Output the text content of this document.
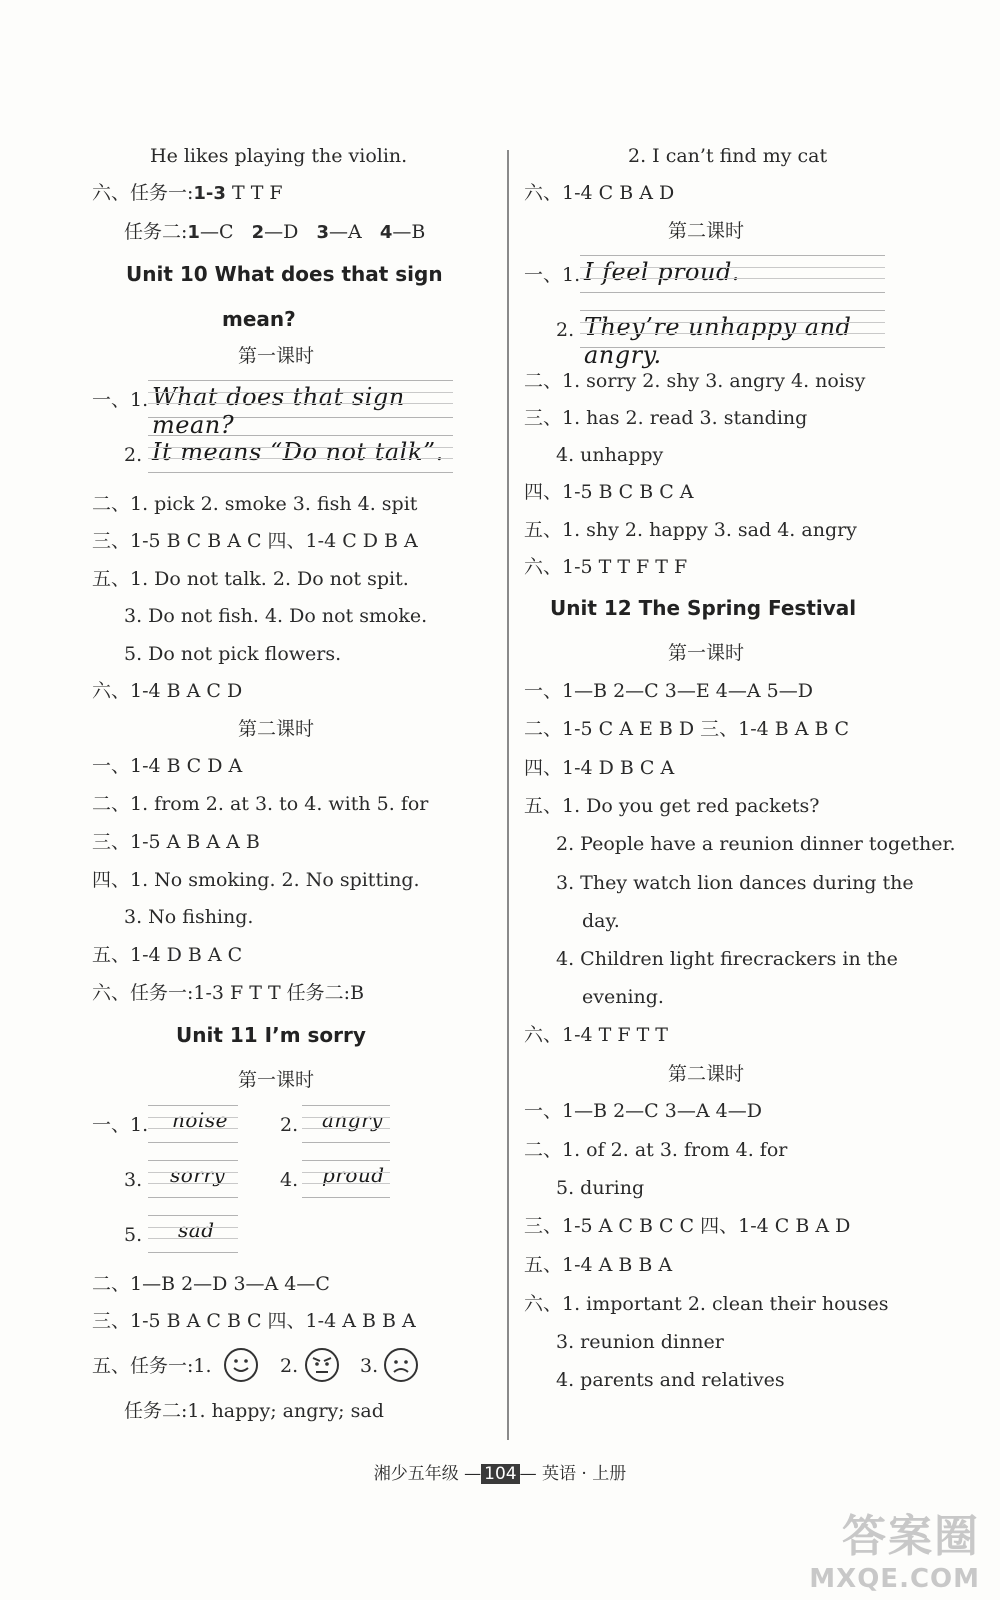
He likes playing the violin.
六、任务一:1-3 T T F
任务二:1—C 2—D 3—A 4—B
Unit 10 What does that sign
mean?
第一课时
一、1. What does that sign mean?
2. It means “Do not talk”.
二、1. pick 2. smoke 3. fish 4. spit
三、1-5 B C B A C 四、1-4 C D B A
五、1. Do not talk. 2. Do not spit.
3. Do not fish. 4. Do not smoke.
5. Do not pick flowers.
六、1-4 B A C D
第二课时
一、1-4 B C D A
二、1. from 2. at 3. to 4. with 5. for
三、1-5 A B A A B
四、1. No smoking. 2. No spitting.
3. No fishing.
五、1-4 D B A C
六、任务一:1-3 F T T 任务二:B
Unit 11 I’m sorry
第一课时
一、1. noise	2. angry
3. sorry	4. proud
5. sad
二、1—B 2—D 3—A 4—C
三、1-5 B A C B C 四、1-4 A B B A
五、任务一:1.	2.	3.
任务二:1. happy; angry; sad
2. I can’t find my cat
六、1-4 C B A D
第二课时
一、1. I feel proud.
2. They’re unhappy and angry.
二、1. sorry 2. shy 3. angry 4. noisy
三、1. has 2. read 3. standing
4. unhappy
四、1-5 B C B C A
五、1. shy 2. happy 3. sad 4. angry
六、1-5 T T F T F
Unit 12 The Spring Festival
第一课时
一、1—B 2—C 3—E 4—A 5—D
二、1-5 C A E B D 三、1-4 B A B C
四、1-4 D B C A
五、1. Do you get red packets?
2. People have a reunion dinner together.
3. They watch lion dances during the
day.
4. Children light firecrackers in the
evening.
六、1-4 T F T T
第二课时
一、1—B 2—C 3—A 4—D
二、1. of 2. at 3. from 4. for
5. during
三、1-5 A C B C C 四、1-4 C B A D
五、1-4 A B B A
六、1. important 2. clean their houses
3. reunion dinner
4. parents and relatives
湘少五年级 — 104 — 英语 · 上册
答案圈
MXQE.COM
